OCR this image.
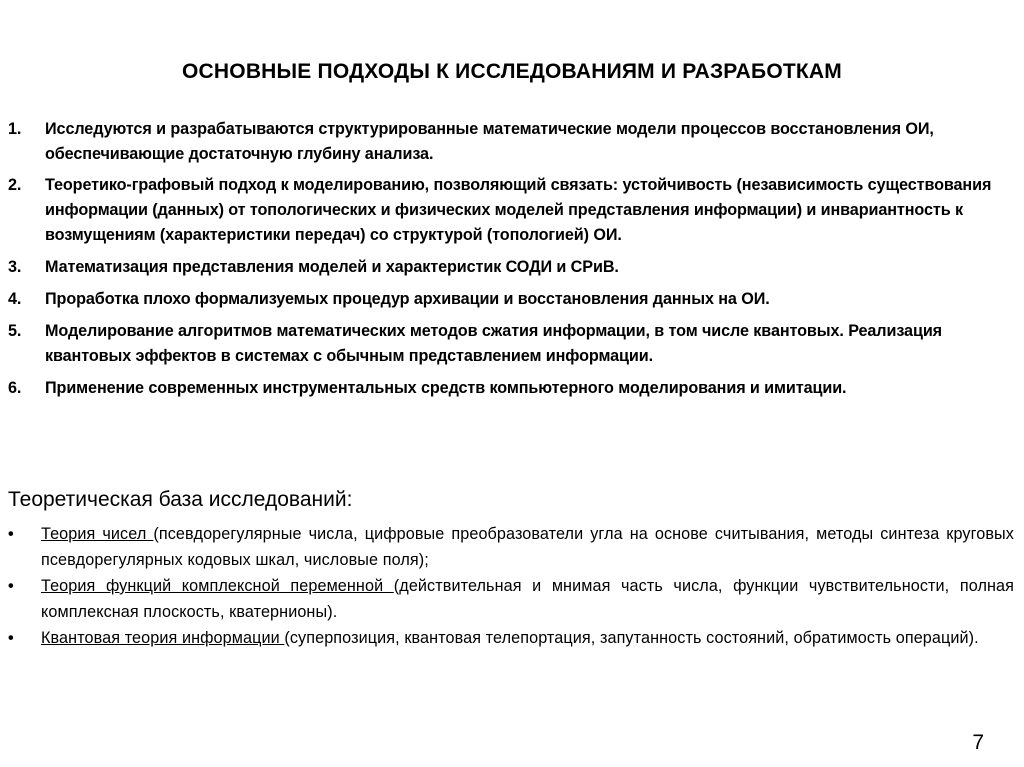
ОСНОВНЫЕ ПОДХОДЫ К ИССЛЕДОВАНИЯМ И РАЗРАБОТКАМ
1.	Исследуются и разрабатываются структурированные математические модели процессов восстановления ОИ, обеспечивающие достаточную глубину анализа.
2.	Теоретико-графовый подход к моделированию, позволяющий связать: устойчивость (независимость существования информации (данных) от топологических и физических моделей представления информации) и инвариантность к возмущениям (характеристики передач) со структурой (топологией) ОИ.
3.	Математизация представления моделей и характеристик СОДИ и СРиВ.
4.	Проработка плохо формализуемых процедур архивации и восстановления данных на ОИ.
5.	Моделирование алгоритмов математических методов сжатия информации, в том числе квантовых. Реализация квантовых эффектов в системах с обычным представлением информации.
6.	Применение современных инструментальных средств компьютерного моделирования и имитации.
Теоретическая база исследований:
•	Теория чисел (псевдорегулярные числа, цифровые преобразователи угла на основе считывания, методы синтеза круговых псевдорегулярных кодовых шкал, числовые поля);
•	Теория функций комплексной переменной (действительная и мнимая часть числа, функции чувствительности, полная комплексная плоскость, кватернионы).
•	Квантовая теория информации (суперпозиция, квантовая телепортация, запутанность состояний, обратимость операций).
7
